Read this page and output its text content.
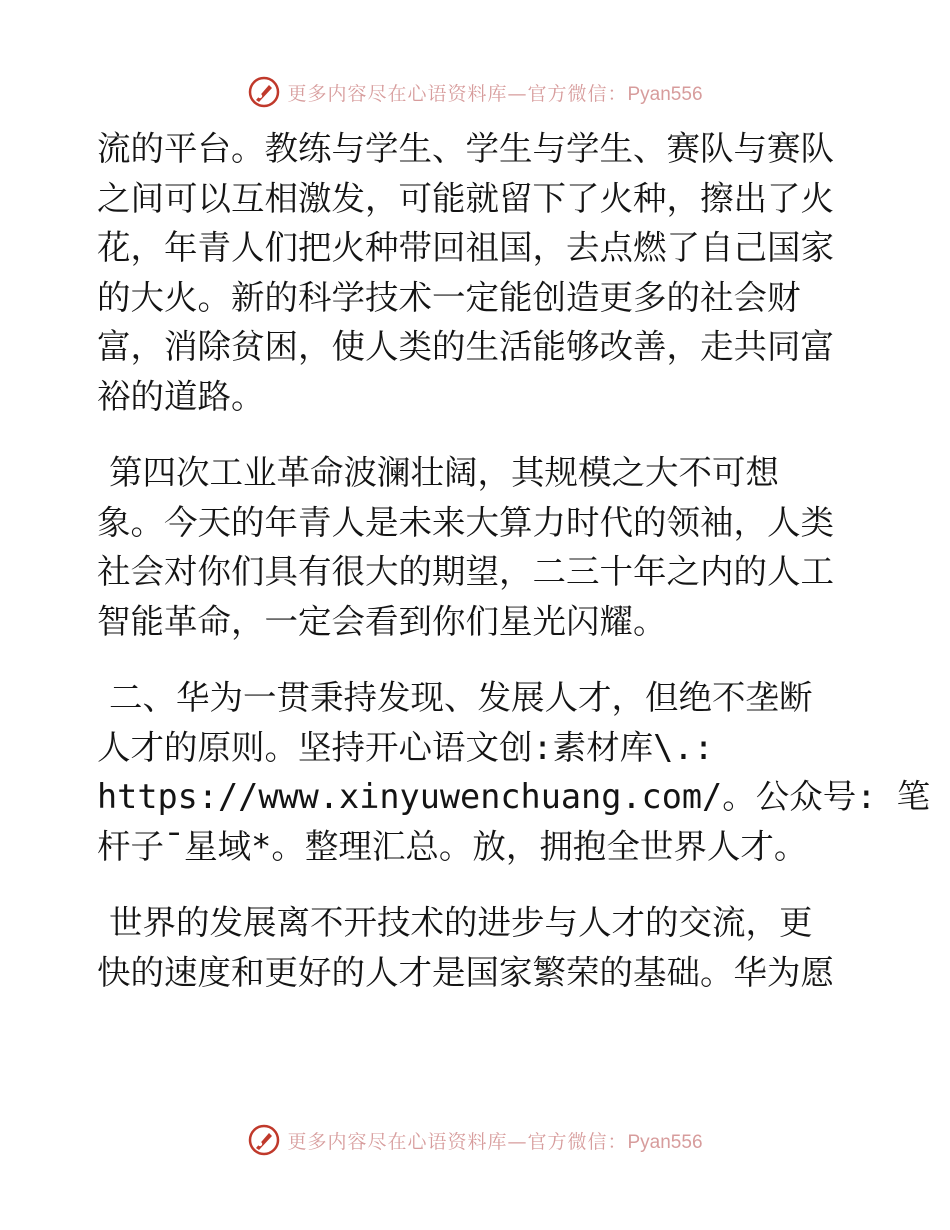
更多内容尽在心语资料库—官方微信：Pyan556

流的平台。教练与学生、学生与学生、赛队与赛队
之间可以互相激发，可能就留下了火种，擦出了火
花，年青人们把火种带回祖国，去点燃了自己国家
的大火。新的科学技术一定能创造更多的社会财
富，消除贫困，使人类的生活能够改善，走共同富
裕的道路。

第四次工业革命波澜壮阔，其规模之大不可想
象。今天的年青人是未来大算力时代的领袖，人类
社会对你们具有很大的期望，二三十年之内的人工
智能革命，一定会看到你们星光闪耀。

二、华为一贯秉持发现、发展人才，但绝不垄断
人才的原则。坚持开心语文创:素材库\.:
https://www.xinyuwenchuang.com/。公众号: 笔
杆子¯星域*。整理汇总。放，拥抱全世界人才。

世界的发展离不开技术的进步与人才的交流，更
快的速度和更好的人才是国家繁荣的基础。华为愿

更多内容尽在心语资料库—官方微信：Pyan556
